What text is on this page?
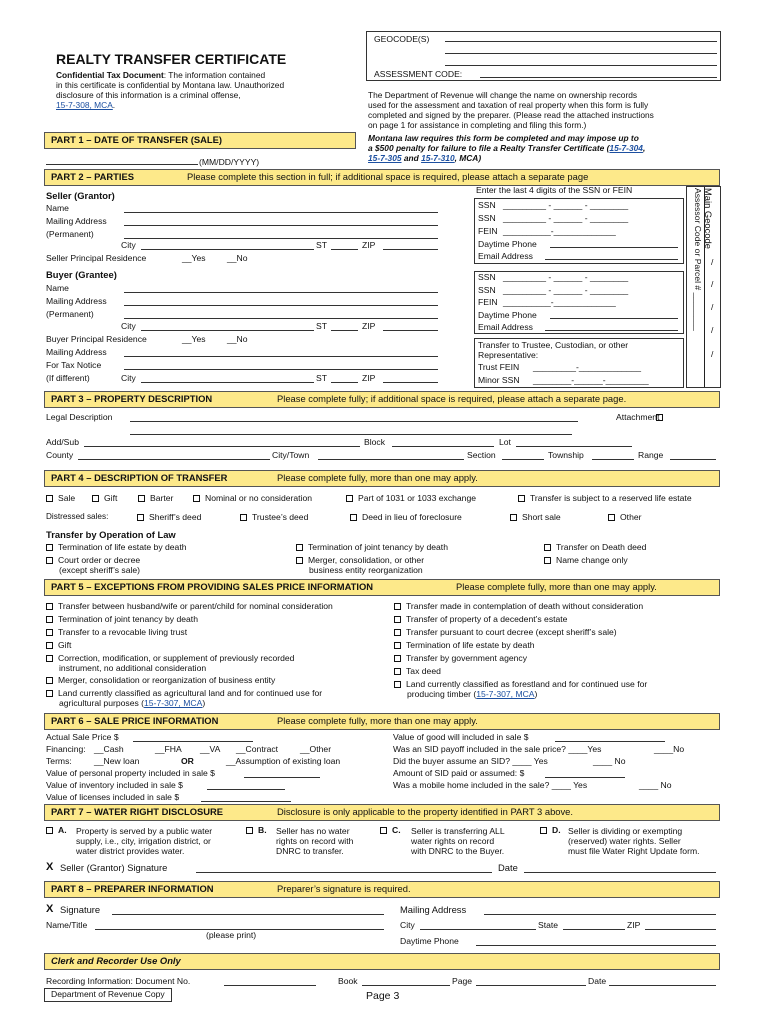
GEOCODE(S)
ASSESSMENT CODE:
REALTY TRANSFER CERTIFICATE
Confidential Tax Document: The information contained
in this certificate is confidential by Montana law. Unauthorized
disclosure of this information is a criminal offense,
15-7-308, MCA.
The Department of Revenue will change the name on ownership records
used for the assessment and taxation of real property when this form is fully
completed and signed by the preparer. (Please read the attached instructions
on page 1 for assistance in completing and filing this form.)
Montana law requires this form be completed and may impose up to
a $500 penalty for failure to file a Realty Transfer Certificate (15-7-304,
15-7-305 and 15-7-310, MCA)
PART 1 – DATE OF TRANSFER (SALE)
(MM/DD/YYYY)
PART 2 – PARTIES	Please complete this section in full; if additional space is required, please attach a separate page
Seller (Grantor)
Name
Mailing Address
(Permanent)
City	ST	ZIP
Seller Principal Residence	__Yes __No
Buyer (Grantee)
Name
Mailing Address
(Permanent)
City	ST	ZIP
Buyer Principal Residence	__Yes __No
Mailing Address
For Tax Notice
(If different)	City	ST	ZIP
Enter the last 4 digits of the SSN or FEIN
SSN _________ - ______ - ________
SSN _________ - ______ - ________
FEIN __________-_____________
Daytime Phone
Email Address
SSN _________ - ______ - ________
SSN _________ - ______ - ________
FEIN __________-_____________
Daytime Phone
Email Address
Transfer to Trustee, Custodian, or other
Representative:
Trust FEIN _________-_____________
Minor SSN ________-______-_________
Main Geocode
Assessor Code or Parcel # ________
/
/
/
/
/
PART 3 – PROPERTY DESCRIPTION	Please complete fully; if additional space is required, please attach a separate page.
Legal Description	Attachment
Add/Sub	Block	Lot
County	City/Town	Section	Township	Range
PART 4 – DESCRIPTION OF TRANSFER	Please complete fully, more than one may apply.
Sale	Gift	Barter	Nominal or no consideration	Part of 1031 or 1033 exchange	Transfer is subject to a reserved life estate
Distressed sales:	Sheriff’s deed	Trustee’s deed	Deed in lieu of foreclosure	Short sale	Other
Transfer by Operation of Law
Termination of life estate by death	Termination of joint tenancy by death	Transfer on Death deed
Court order or decree
(except sheriff’s sale)
Merger, consolidation, or other
business entity reorganization
Name change only
PART 5 – EXCEPTIONS FROM PROVIDING SALES PRICE INFORMATION	Please complete fully, more than one may apply.
Transfer between husband/wife or parent/child for nominal consideration
Termination of joint tenancy by death
Transfer to a revocable living trust
Gift
Correction, modification, or supplement of previously recorded
instrument, no additional consideration
Merger, consolidation or reorganization of business entity
Land currently classified as agricultural land and for continued use for
agricultural purposes (15-7-307, MCA)
Transfer made in contemplation of death without consideration
Transfer of property of a decedent’s estate
Transfer pursuant to court decree (except sheriff’s sale)
Termination of life estate by death
Transfer by government agency
Tax deed
Land currently classified as forestland and for continued use for
producing timber (15-7-307, MCA)
PART 6 – SALE PRICE INFORMATION	Please complete fully, more than one may apply.
Actual Sale Price $
Financing: __Cash	__FHA __VA __Contract	__Other
Terms:	__New loan	OR	__Assumption of existing loan
Value of personal property included in sale $
Value of inventory included in sale $
Value of licenses included in sale $
Value of good will included in sale $
Was an SID payoff included in the sale price? ____Yes	____No
Did the buyer assume an SID? ____ Yes	____ No
Amount of SID paid or assumed: $
Was a mobile home included in the sale? ____ Yes	____ No
PART 7 – WATER RIGHT DISCLOSURE	Disclosure is only applicable to the property identified in PART 3 above.
A. Property is served by a public water
supply, i.e., city, irrigation district, or
water district provides water.
B. Seller has no water
rights on record with
DNRC to transfer.
C. Seller is transferring ALL
water rights on record
with DNRC to the Buyer.
D. Seller is dividing or exempting
(reserved) water rights. Seller
must file Water Right Update form.
X Seller (Grantor) Signature	Date
PART 8 – PREPARER INFORMATION	Preparer’s signature is required.
X Signature	Mailing Address
Name/Title
(please print)
City	State	ZIP
Daytime Phone
Clerk and Recorder Use Only
Recording Information: Document No.	Book	Page	Date
Department of Revenue Copy	Page 3
